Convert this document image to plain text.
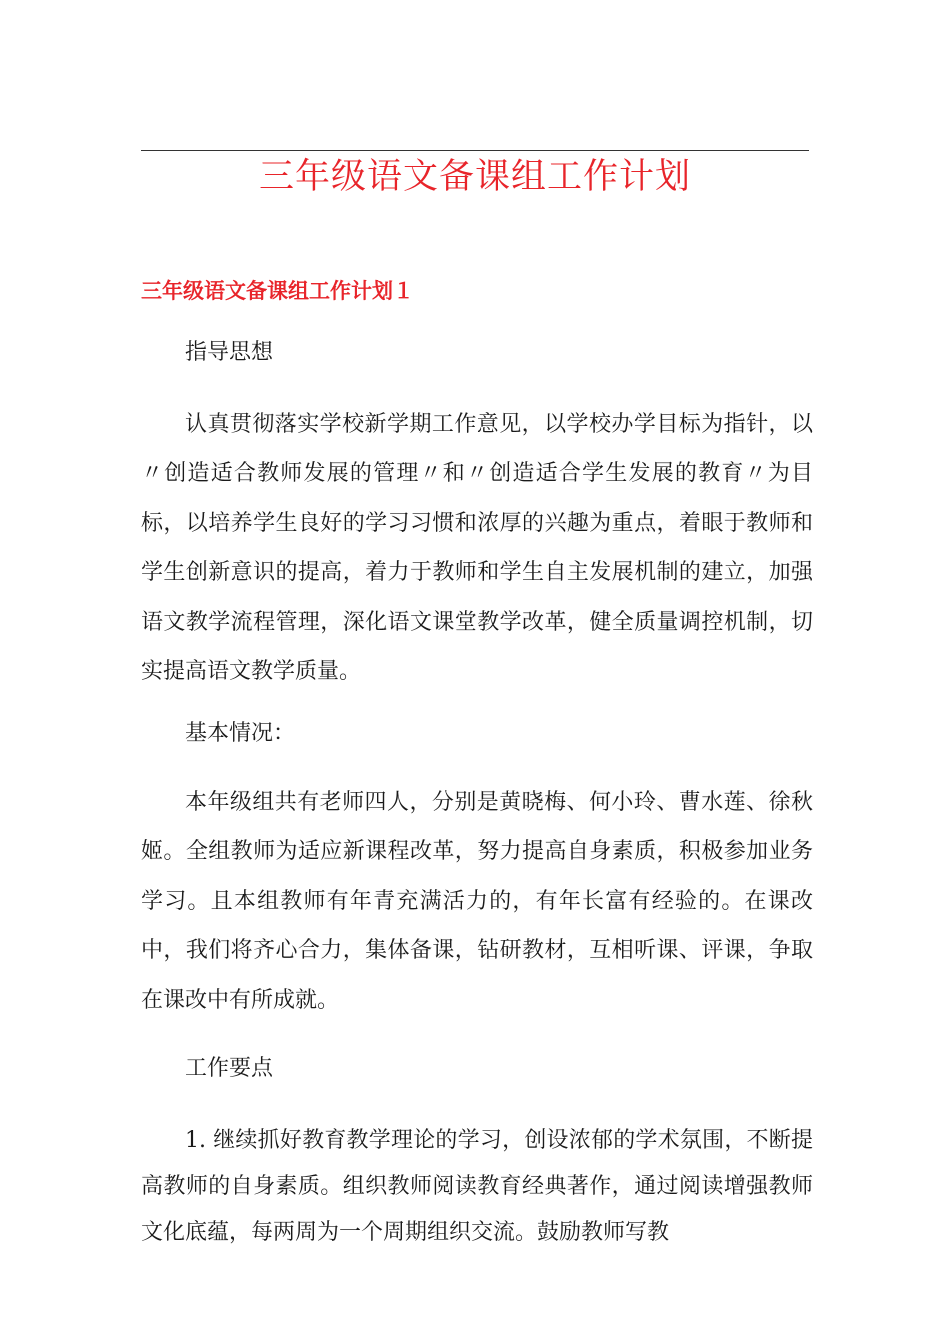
三年级语文备课组工作计划
三年级语文备课组工作计划１

指导思想

认真贯彻落实学校新学期工作意见，以学校办学目标为指针，以〃创造适合教师发展的管理〃和〃创造适合学生发展的教育〃为目标，以培养学生良好的学习习惯和浓厚的兴趣为重点，着眼于教师和学生创新意识的提高，着力于教师和学生自主发展机制的建立，加强语文教学流程管理，深化语文课堂教学改革，健全质量调控机制，切实提高语文教学质量。

基本情况：

本年级组共有老师四人，分别是黄晓梅、何小玲、曹水莲、徐秋姬。全组教师为适应新课程改革，努力提高自身素质，积极参加业务学习。且本组教师有年青充满活力的，有年长富有经验的。在课改中，我们将齐心合力，集体备课，钻研教材，互相听课、评课，争取在课改中有所成就。

工作要点

1. 继续抓好教育教学理论的学习，创设浓郁的学术氛围，不断提高教师的自身素质。组织教师阅读教育经典著作，通过阅读增强教师文化底蕴，每两周为一个周期组织交流。鼓励教师写教
